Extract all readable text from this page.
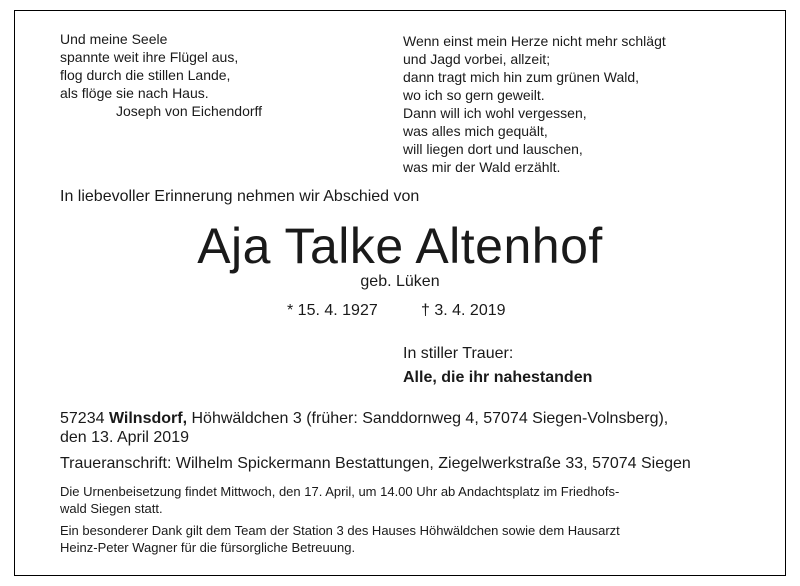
Und meine Seele
spannte weit ihre Flügel aus,
flog durch die stillen Lande,
als flöge sie nach Haus.
Joseph von Eichendorff
Wenn einst mein Herze nicht mehr schlägt
und Jagd vorbei, allzeit;
dann tragt mich hin zum grünen Wald,
wo ich so gern geweilt.
Dann will ich wohl vergessen,
was alles mich gequält,
will liegen dort und lauschen,
was mir der Wald erzählt.
In liebevoller Erinnerung nehmen wir Abschied von
Aja Talke Altenhof
geb. Lüken
* 15. 4. 1927	† 3. 4. 2019
In stiller Trauer:
Alle, die ihr nahestanden
57234 Wilnsdorf, Höhwäldchen 3 (früher: Sanddornweg 4, 57074 Siegen-Volnsberg),
den 13. April 2019
Traueranschrift: Wilhelm Spickermann Bestattungen, Ziegelwerkstraße 33, 57074 Siegen
Die Urnenbeisetzung findet Mittwoch, den 17. April, um 14.00 Uhr ab Andachtsplatz im Friedhofs-
wald Siegen statt.
Ein besonderer Dank gilt dem Team der Station 3 des Hauses Höhwäldchen sowie dem Hausarzt
Heinz-Peter Wagner für die fürsorgliche Betreuung.
